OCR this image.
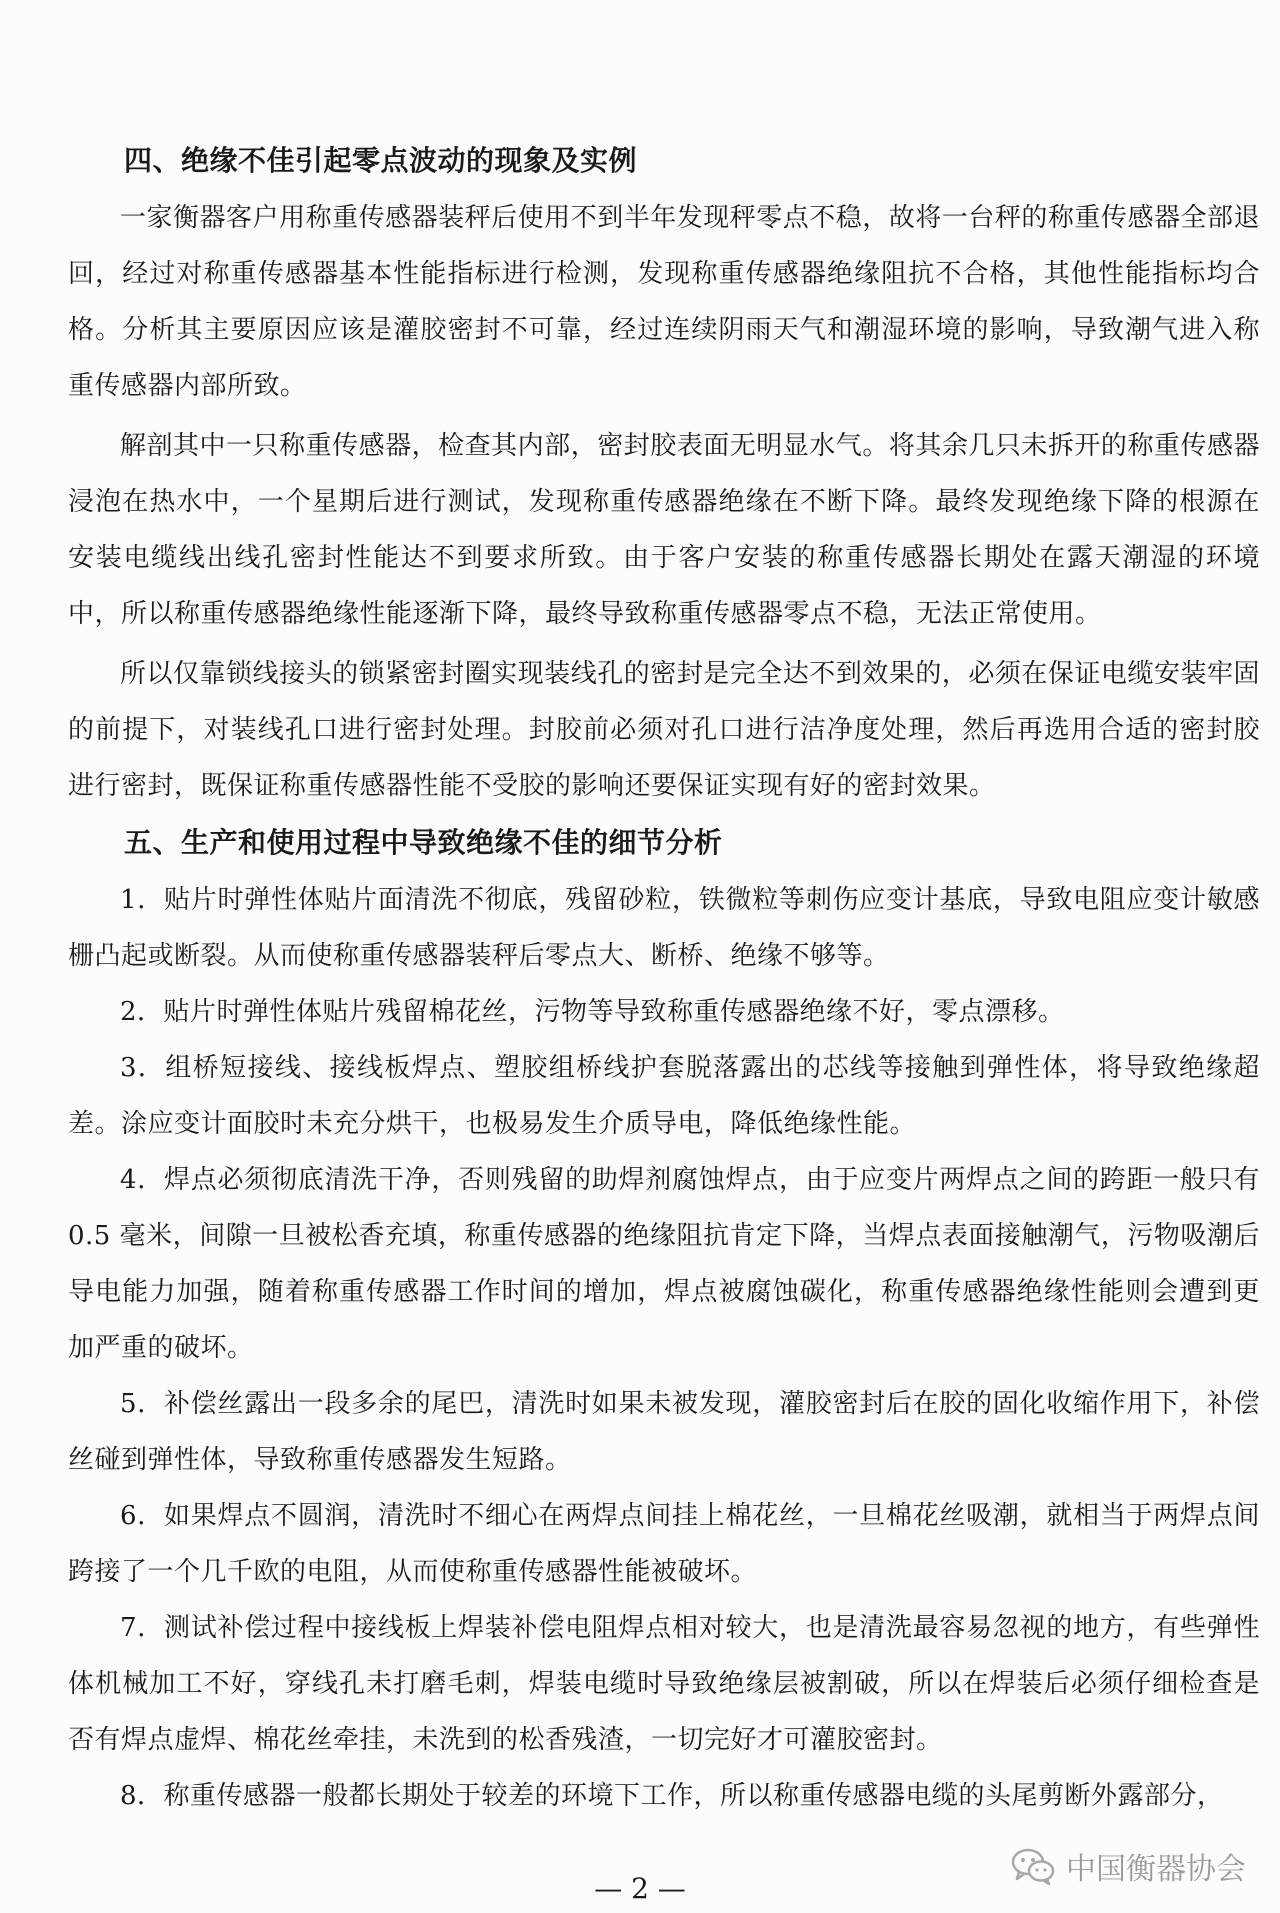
四、绝缘不佳引起零点波动的现象及实例

一家衡器客户用称重传感器装秤后使用不到半年发现秤零点不稳，故将一台秤的称重传感器全部退回，经过对称重传感器基本性能指标进行检测，发现称重传感器绝缘阻抗不合格，其他性能指标均合格。分析其主要原因应该是灌胶密封不可靠，经过连续阴雨天气和潮湿环境的影响，导致潮气进入称重传感器内部所致。

解剖其中一只称重传感器，检查其内部，密封胶表面无明显水气。将其余几只未拆开的称重传感器浸泡在热水中，一个星期后进行测试，发现称重传感器绝缘在不断下降。最终发现绝缘下降的根源在安装电缆线出线孔密封性能达不到要求所致。由于客户安装的称重传感器长期处在露天潮湿的环境中，所以称重传感器绝缘性能逐渐下降，最终导致称重传感器零点不稳，无法正常使用。

所以仅靠锁线接头的锁紧密封圈实现装线孔的密封是完全达不到效果的，必须在保证电缆安装牢固的前提下，对装线孔口进行密封处理。封胶前必须对孔口进行洁净度处理，然后再选用合适的密封胶进行密封，既保证称重传感器性能不受胶的影响还要保证实现有好的密封效果。

五、生产和使用过程中导致绝缘不佳的细节分析

1．贴片时弹性体贴片面清洗不彻底，残留砂粒，铁微粒等刺伤应变计基底，导致电阻应变计敏感栅凸起或断裂。从而使称重传感器装秤后零点大、断桥、绝缘不够等。

2．贴片时弹性体贴片残留棉花丝，污物等导致称重传感器绝缘不好，零点漂移。

3．组桥短接线、接线板焊点、塑胶组桥线护套脱落露出的芯线等接触到弹性体，将导致绝缘超差。涂应变计面胶时未充分烘干，也极易发生介质导电，降低绝缘性能。

4．焊点必须彻底清洗干净，否则残留的助焊剂腐蚀焊点，由于应变片两焊点之间的跨距一般只有 0.5 毫米，间隙一旦被松香充填，称重传感器的绝缘阻抗肯定下降，当焊点表面接触潮气，污物吸潮后导电能力加强，随着称重传感器工作时间的增加，焊点被腐蚀碳化，称重传感器绝缘性能则会遭到更加严重的破坏。

5．补偿丝露出一段多余的尾巴，清洗时如果未被发现，灌胶密封后在胶的固化收缩作用下，补偿丝碰到弹性体，导致称重传感器发生短路。

6．如果焊点不圆润，清洗时不细心在两焊点间挂上棉花丝，一旦棉花丝吸潮，就相当于两焊点间跨接了一个几千欧的电阻，从而使称重传感器性能被破坏。

7．测试补偿过程中接线板上焊装补偿电阻焊点相对较大，也是清洗最容易忽视的地方，有些弹性体机械加工不好，穿线孔未打磨毛刺，焊装电缆时导致绝缘层被割破，所以在焊装后必须仔细检查是否有焊点虚焊、棉花丝牵挂，未洗到的松香残渣，一切完好才可灌胶密封。

8．称重传感器一般都长期处于较差的环境下工作，所以称重传感器电缆的头尾剪断外露部分，

中国衡器协会
— 2 —
